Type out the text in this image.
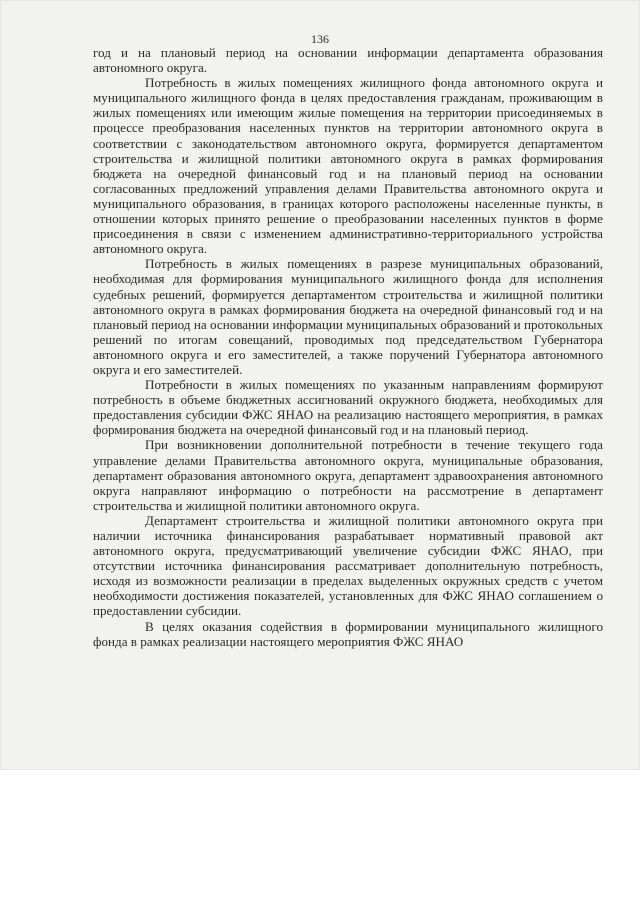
136

год и на плановый период на основании информации департамента образования автономного округа.

Потребность в жилых помещениях жилищного фонда автономного округа и муниципального жилищного фонда в целях предоставления гражданам, проживающим в жилых помещениях или имеющим жилые помещения на территории присоединяемых в процессе преобразования населенных пунктов на территории автономного округа в соответствии с законодательством автономного округа, формируется департаментом строительства и жилищной политики автономного округа в рамках формирования бюджета на очередной финансовый год и на плановый период на основании согласованных предложений управления делами Правительства автономного округа и муниципального образования, в границах которого расположены населенные пункты, в отношении которых принято решение о преобразовании населенных пунктов в форме присоединения в связи с изменением административно-территориального устройства автономного округа.

Потребность в жилых помещениях в разрезе муниципальных образований, необходимая для формирования муниципального жилищного фонда для исполнения судебных решений, формируется департаментом строительства и жилищной политики автономного округа в рамках формирования бюджета на очередной финансовый год и на плановый период на основании информации муниципальных образований и протокольных решений по итогам совещаний, проводимых под председательством Губернатора автономного округа и его заместителей, а также поручений Губернатора автономного округа и его заместителей.

Потребности в жилых помещениях по указанным направлениям формируют потребность в объеме бюджетных ассигнований окружного бюджета, необходимых для предоставления субсидии ФЖС ЯНАО на реализацию настоящего мероприятия, в рамках формирования бюджета на очередной финансовый год и на плановый период.

При возникновении дополнительной потребности в течение текущего года управление делами Правительства автономного округа, муниципальные образования, департамент образования автономного округа, департамент здравоохранения автономного округа направляют информацию о потребности на рассмотрение в департамент строительства и жилищной политики автономного округа.

Департамент строительства и жилищной политики автономного округа при наличии источника финансирования разрабатывает нормативный правовой акт автономного округа, предусматривающий увеличение субсидии ФЖС ЯНАО, при отсутствии источника финансирования рассматривает дополнительную потребность, исходя из возможности реализации в пределах выделенных окружных средств с учетом необходимости достижения показателей, установленных для ФЖС ЯНАО соглашением о предоставлении субсидии.

В целях оказания содействия в формировании муниципального жилищного фонда в рамках реализации настоящего мероприятия ФЖС ЯНАО
